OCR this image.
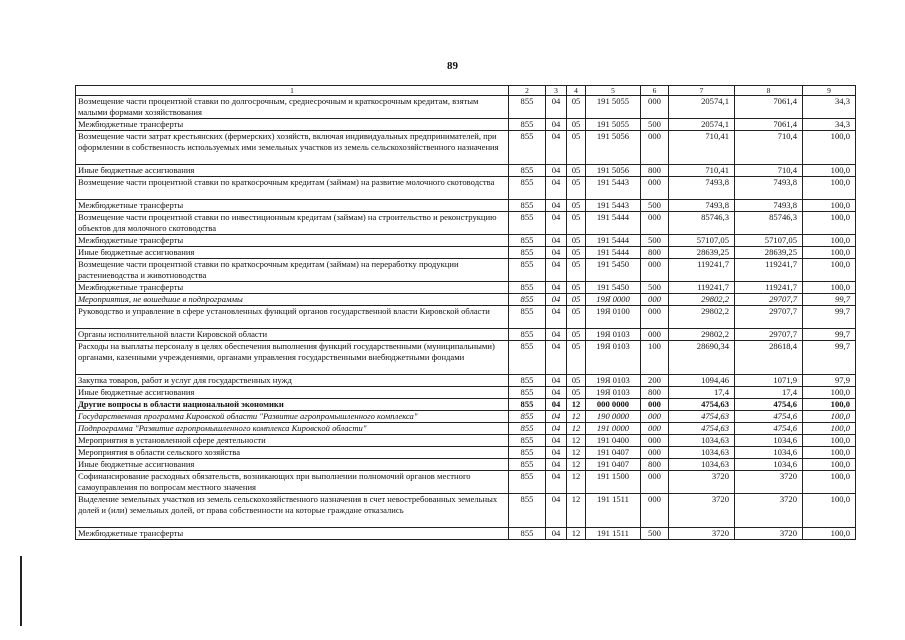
89
1	2	3	4	5	6	7	8	9
Возмещение части процентной ставки по долгосрочным, среднесрочным и краткосрочным кредитам, взятым малыми формами хозяйствования	855	04	05	191 5055	000	20574,1	7061,4	34,3
Межбюджетные трансферты	855	04	05	191 5055	500	20574,1	7061,4	34,3
Возмещение части затрат крестьянских (фермерских) хозяйств, включая индивидуальных предпринимателей, при оформлении в собственность используемых ими земельных участков из земель сельскохозяйственного назначения	855	04	05	191 5056	000	710,41	710,4	100,0
Иные бюджетные ассигнования	855	04	05	191 5056	800	710,41	710,4	100,0
Возмещение части процентной ставки по краткосрочным кредитам (займам) на развитие молочного скотоводства	855	04	05	191 5443	000	7493,8	7493,8	100,0
Межбюджетные трансферты	855	04	05	191 5443	500	7493,8	7493,8	100,0
Возмещение части процентной ставки по инвестиционным кредитам (займам) на строительство и реконструкцию объектов для молочного скотоводства	855	04	05	191 5444	000	85746,3	85746,3	100,0
Межбюджетные трансферты	855	04	05	191 5444	500	57107,05	57107,05	100,0
Иные бюджетные ассигнования	855	04	05	191 5444	800	28639,25	28639,25	100,0
Возмещение части процентной ставки по краткосрочным кредитам (займам) на переработку продукции растениеводства и животноводства	855	04	05	191 5450	000	119241,7	119241,7	100,0
Межбюджетные трансферты	855	04	05	191 5450	500	119241,7	119241,7	100,0
Мероприятия, не вошедшие в подпрограммы	855	04	05	19Я 0000	000	29802,2	29707,7	99,7
Руководство и управление в сфере установленных функций органов государственной власти Кировской области	855	04	05	19Я 0100	000	29802,2	29707,7	99,7
Органы исполнительной власти Кировской области	855	04	05	19Я 0103	000	29802,2	29707,7	99,7
Расходы на выплаты персоналу в целях обеспечения выполнения функций государственными (муниципальными) органами, казенными учреждениями, органами управления государственными внебюджетными фондами	855	04	05	19Я 0103	100	28690,34	28618,4	99,7
Закупка товаров, работ и услуг для государственных нужд	855	04	05	19Я 0103	200	1094,46	1071,9	97,9
Иные бюджетные ассигнования	855	04	05	19Я 0103	800	17,4	17,4	100,0
Другие вопросы в области национальной экономики	855	04	12	000 0000	000	4754,63	4754,6	100,0
Государственная программа Кировской области "Развитие агропромышленного комплекса"	855	04	12	190 0000	000	4754,63	4754,6	100,0
Подпрограмма "Развитие агропромышленного комплекса Кировской области"	855	04	12	191 0000	000	4754,63	4754,6	100,0
Мероприятия в установленной сфере деятельности	855	04	12	191 0400	000	1034,63	1034,6	100,0
Мероприятия в области сельского хозяйства	855	04	12	191 0407	000	1034,63	1034,6	100,0
Иные бюджетные ассигнования	855	04	12	191 0407	800	1034,63	1034,6	100,0
Софинансирование расходных обязательств, возникающих при выполнении полномочий органов местного самоуправления по вопросам местного значения	855	04	12	191 1500	000	3720	3720	100,0
Выделение земельных участков из земель сельскохозяйственного назначения в счет невостребованных земельных долей и (или) земельных долей, от права собственности на которые граждане отказались	855	04	12	191 1511	000	3720	3720	100,0
Межбюджетные трансферты	855	04	12	191 1511	500	3720	3720	100,0
